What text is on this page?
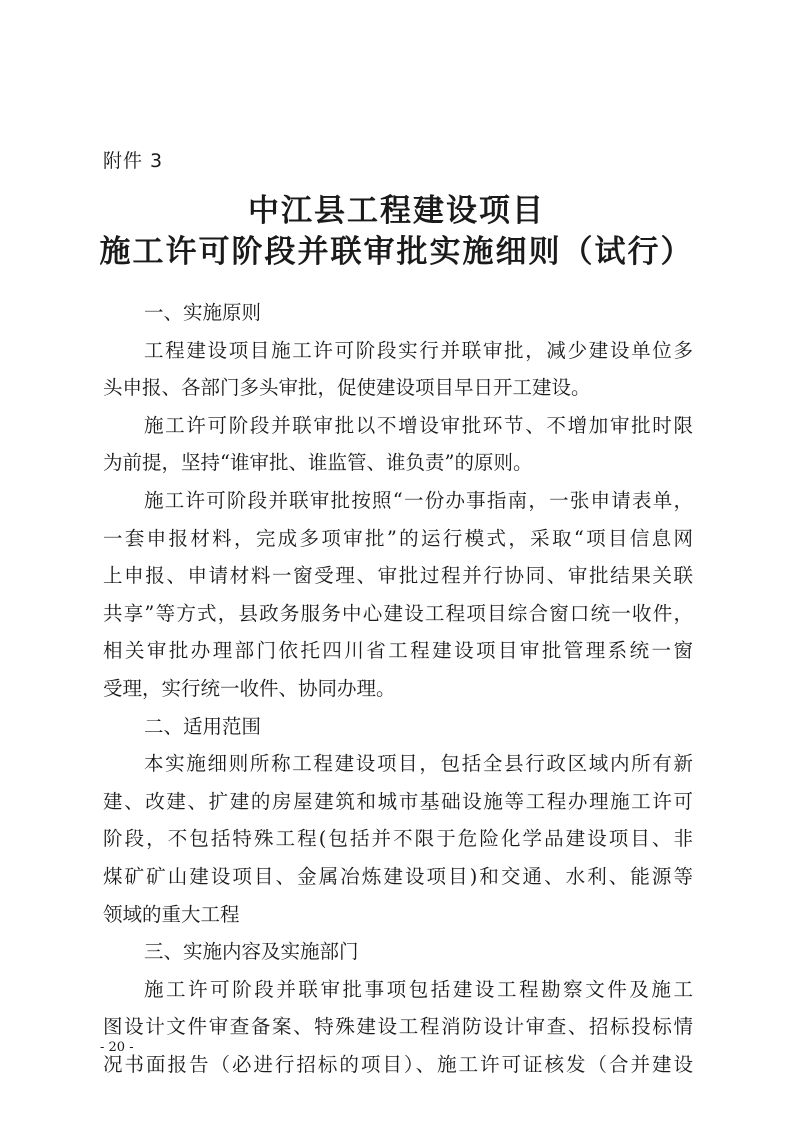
附件 3
中江县工程建设项目
施工许可阶段并联审批实施细则（试行）
一、实施原则
工程建设项目施工许可阶段实行并联审批，减少建设单位多
头申报、各部门多头审批，促使建设项目早日开工建设。
施工许可阶段并联审批以不增设审批环节、不增加审批时限
为前提，坚持“谁审批、谁监管、谁负责”的原则。
施工许可阶段并联审批按照“一份办事指南，一张申请表单，
一套申报材料，完成多项审批”的运行模式，采取“项目信息网
上申报、申请材料一窗受理、审批过程并行协同、审批结果关联
共享”等方式，县政务服务中心建设工程项目综合窗口统一收件，
相关审批办理部门依托四川省工程建设项目审批管理系统一窗
受理，实行统一收件、协同办理。
二、适用范围
本实施细则所称工程建设项目，包括全县行政区域内所有新
建、改建、扩建的房屋建筑和城市基础设施等工程办理施工许可
阶段，不包括特殊工程(包括并不限于危险化学品建设项目、非
煤矿矿山建设项目、金属冶炼建设项目)和交通、水利、能源等
领域的重大工程
三、实施内容及实施部门
施工许可阶段并联审批事项包括建设工程勘察文件及施工
图设计文件审查备案、特殊建设工程消防设计审查、招标投标情
况书面报告（必进行招标的项目）、施工许可证核发（合并建设
- 20 -
